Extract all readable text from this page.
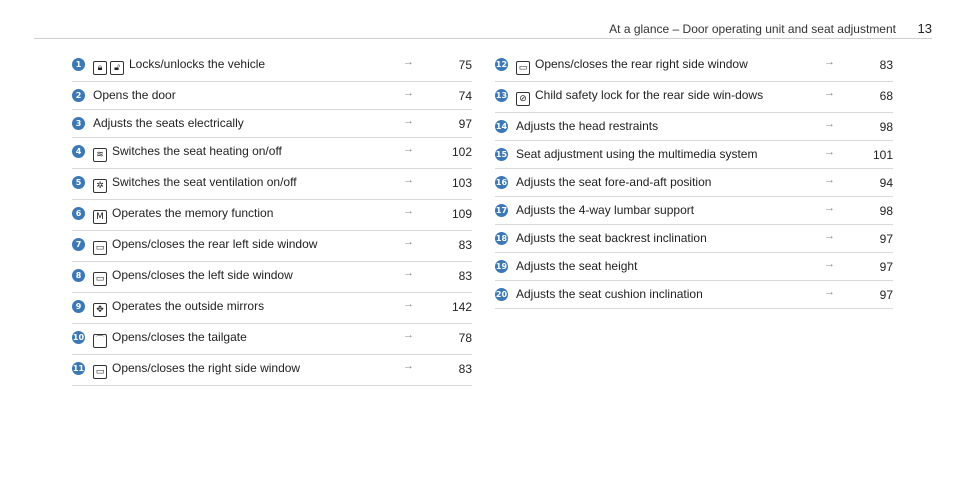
At a glance – Door operating unit and seat adjustment 13
1	🔒︎ 🔓︎ Locks/unlocks the vehicle	→	75
2 Opens the door	→	74
3 Adjusts the seats electrically	→	97
4	≋ Switches the seat heating on/off	→	102
5	✲ Switches the seat ventilation on/off	→	103
6	M Operates the memory function	→	109
7	▭ Opens/closes the rear left side window	→	83
8	▭ Opens/closes the left side window	→	83
9	✥ Operates the outside mirrors	→	142
10 ⌒ Opens/closes the tailgate	→	78
11	▭ Opens/closes the right side window	→	83
12	▭ Opens/closes the rear right side window	→	83
13	⊘ Child safety lock for the rear side win-dows	→	68
14 Adjusts the head restraints	→	98
15 Seat adjustment using the multimedia system	→	101
16 Adjusts the seat fore-and-aft position	→	94
17 Adjusts the 4-way lumbar support	→	98
18 Adjusts the seat backrest inclination	→	97
19 Adjusts the seat height	→	97
20 Adjusts the seat cushion inclination	→	97
